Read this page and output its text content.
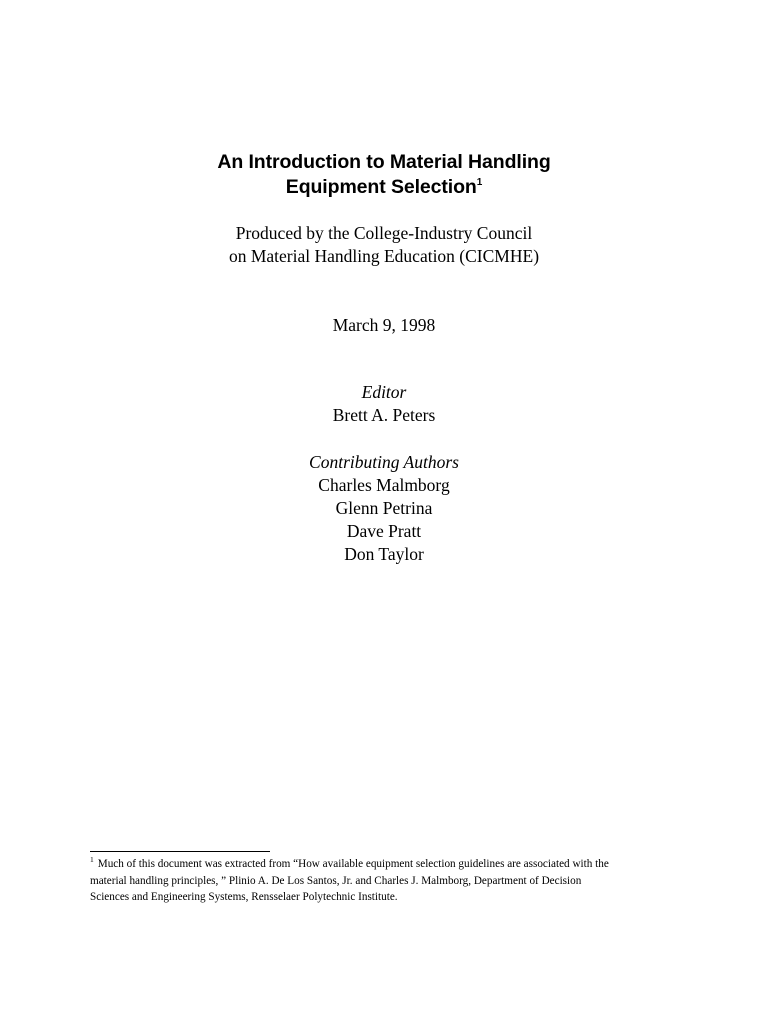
An Introduction to Material Handling
Equipment Selection$^1$
Produced by the College-Industry Council
on Material Handling Education (CICMHE)
March 9, 1998
Editor
Brett A. Peters
Contributing Authors
Charles Malmborg
Glenn Petrina
Dave Pratt
Don Taylor
$^1$ Much of this document was extracted from “How available equipment selection guidelines are associated with the
material handling principles, ” Plinio A. De Los Santos, Jr. and Charles J. Malmborg, Department of Decision
Sciences and Engineering Systems, Rensselaer Polytechnic Institute.
